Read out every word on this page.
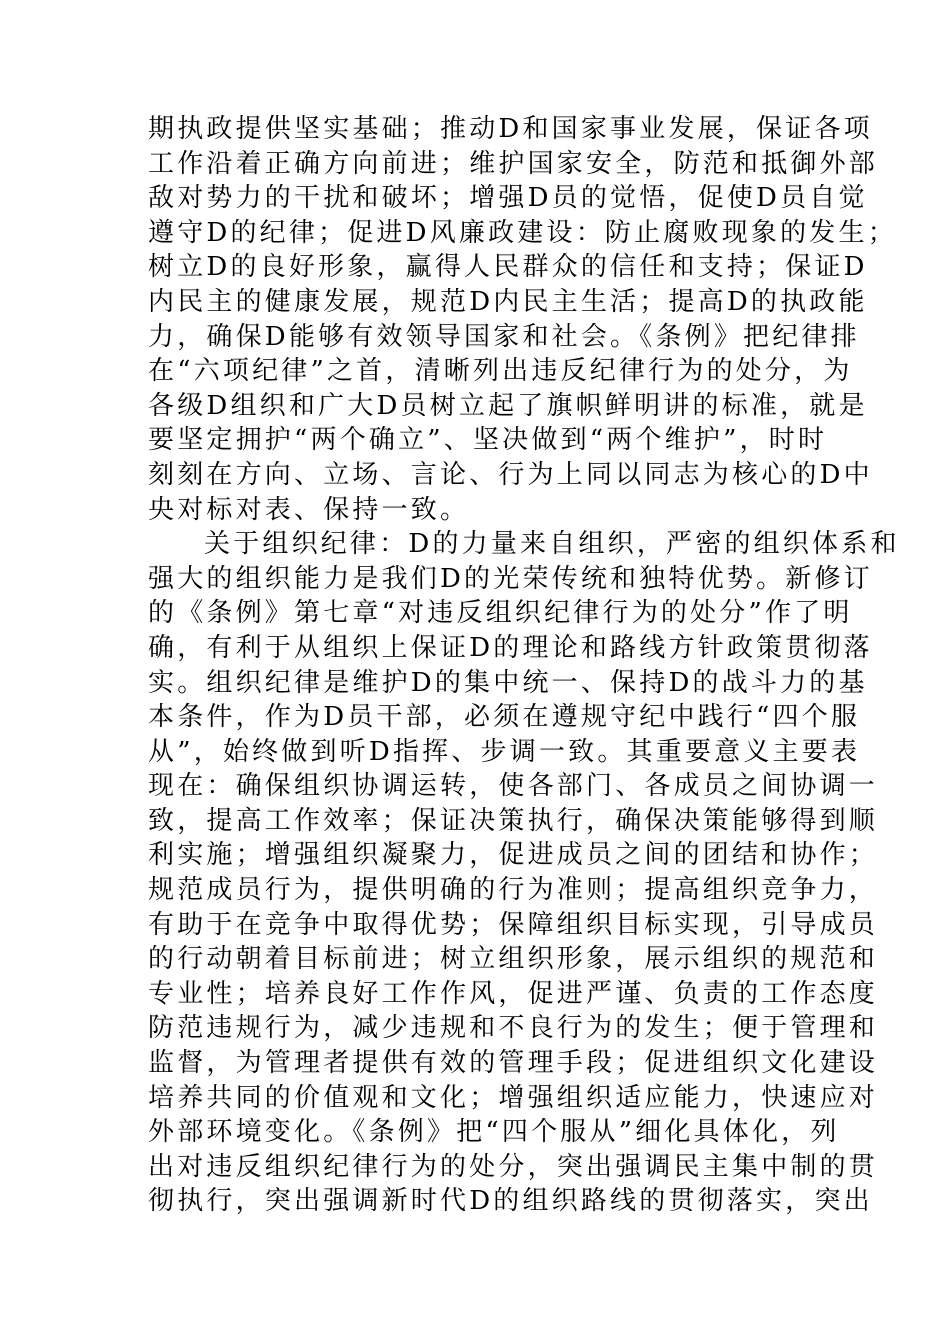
期执政提供坚实基础；推动D和国家事业发展，保证各项
工作沿着正确方向前进；维护国家安全，防范和抵御外部
敌对势力的干扰和破坏；增强D员的觉悟，促使D员自觉
遵守D的纪律；促进D风廉政建设：防止腐败现象的发生；
树立D的良好形象，赢得人民群众的信任和支持；保证D
内民主的健康发展，规范D内民主生活；提高D的执政能
力，确保D能够有效领导国家和社会。《条例》把纪律排
在“六项纪律”之首，清晰列出违反纪律行为的处分，为
各级D组织和广大D员树立起了旗帜鲜明讲的标准，就是
要坚定拥护“两个确立”、坚决做到“两个维护”，时时
刻刻在方向、立场、言论、行为上同以同志为核心的D中
央对标对表、保持一致。
关于组织纪律：D的力量来自组织，严密的组织体系和
强大的组织能力是我们D的光荣传统和独特优势。新修订
的《条例》第七章“对违反组织纪律行为的处分”作了明
确，有利于从组织上保证D的理论和路线方针政策贯彻落
实。组织纪律是维护D的集中统一、保持D的战斗力的基
本条件，作为D员干部，必须在遵规守纪中践行“四个服
从”，始终做到听D指挥、步调一致。其重要意义主要表
现在：确保组织协调运转，使各部门、各成员之间协调一
致，提高工作效率；保证决策执行，确保决策能够得到顺
利实施；增强组织凝聚力，促进成员之间的团结和协作；
规范成员行为，提供明确的行为准则；提高组织竞争力，
有助于在竞争中取得优势；保障组织目标实现，引导成员
的行动朝着目标前进；树立组织形象，展示组织的规范和
专业性；培养良好工作作风，促进严谨、负责的工作态度
防范违规行为，减少违规和不良行为的发生；便于管理和
监督，为管理者提供有效的管理手段；促进组织文化建设
培养共同的价值观和文化；增强组织适应能力，快速应对
外部环境变化。《条例》把“四个服从”细化具体化，列
出对违反组织纪律行为的处分，突出强调民主集中制的贯
彻执行，突出强调新时代D的组织路线的贯彻落实，突出
